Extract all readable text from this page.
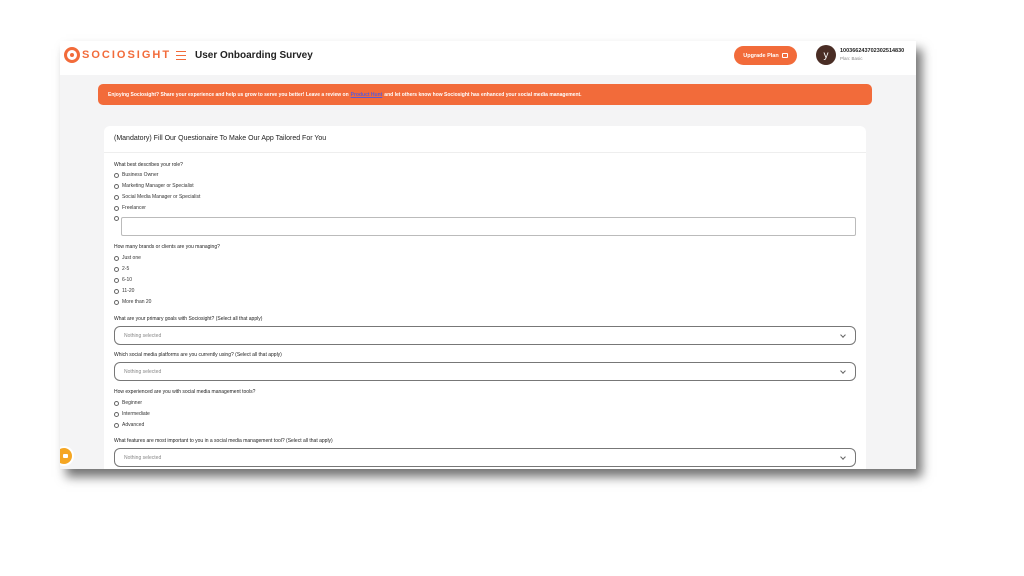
SOCIOSIGHT User Onboarding Survey	Upgrade Plan	y	100366243702302514830
Plan: Basic
Enjoying Sociosight? Share your experience and help us grow to serve you better! Leave a review on Product Hunt and let others know how Sociosight has enhanced your social media management.
(Mandatory) Fill Our Questionaire To Make Our App Tailored For You
What best describes your role?
Business Owner
Marketing Manager or Specialist
Social Media Manager or Specialist
Freelancer
How many brands or clients are you managing?
Just one
2-5
6-10
11-20
More than 20
What are your primary goals with Sociosight? (Select all that apply)
Nothing selected
Which social media platforms are you currently using? (Select all that apply)
Nothing selected
How experienced are you with social media management tools?
Beginner
Intermediate
Advanced
What features are most important to you in a social media management tool? (Select all that apply)
Nothing selected
